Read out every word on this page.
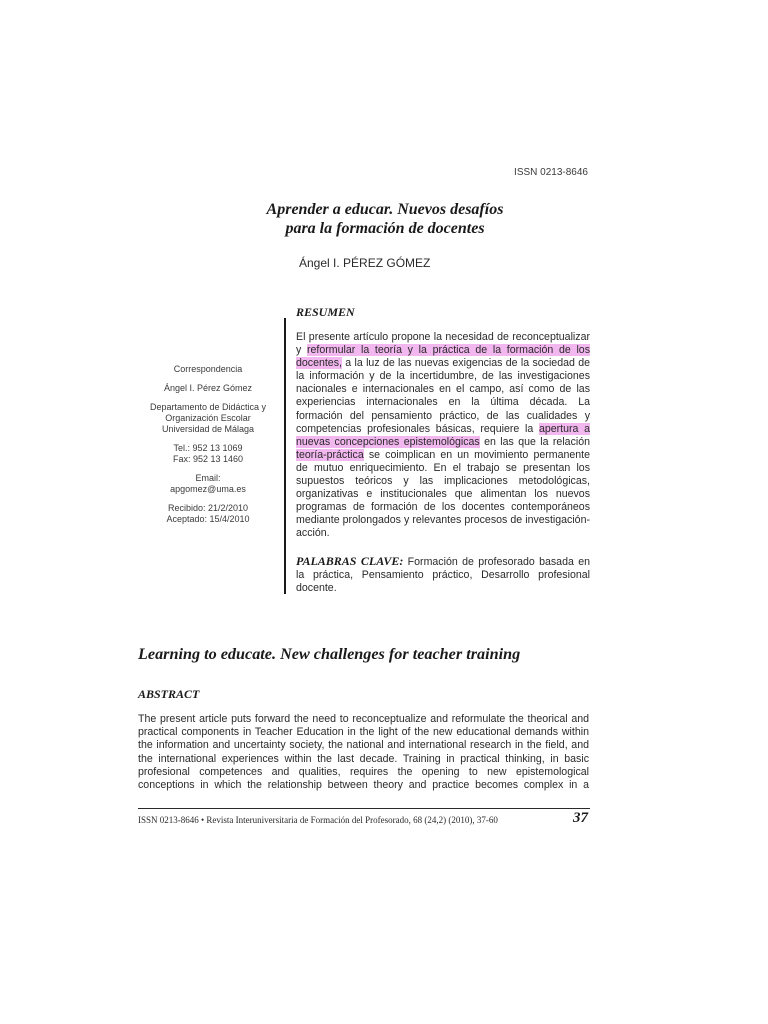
ISSN 0213-8646
Aprender a educar. Nuevos desafíos
para la formación de docentes
Ángel I. PÉREZ GÓMEZ
RESUMEN

Correspondencia

Ángel I. Pérez Gómez

Departamento de Didáctica y

Organización Escolar

Universidad de Málaga

Tel.: 952 13 1069

Fax: 952 13 1460

Email:

apgomez@uma.es

Recibido: 21/2/2010

Aceptado: 15/4/2010

El presente artículo propone la necesidad de reconceptualizar y reformular la teoría y la práctica de la formación de los docentes, a la luz de las nuevas exigencias de la sociedad de la información y de la incertidumbre, de las investigaciones nacionales e internacionales en el campo, así como de las experiencias internacionales en la última década. La formación del pensamiento práctico, de las cualidades y competencias profesionales básicas, requiere la apertura a nuevas concepciones epistemológicas en las que la relación teoría-práctica se coimplican en un movimiento permanente de mutuo enriquecimiento. En el trabajo se presentan los supuestos teóricos y las implicaciones metodológicas, organizativas e institucionales que alimentan los nuevos programas de formación de los docentes contemporáneos mediante prolongados y relevantes procesos de investigación-acción.

PALABRAS CLAVE: Formación de profesorado basada en la práctica, Pensamiento práctico, Desarrollo profesional docente.

Learning to educate. New challenges for teacher training
ABSTRACT

The present article puts forward the need to reconceptualize and reformulate the theorical and practical components in Teacher Education in the light of the new educational demands within the information and uncertainty society, the national and international research in the field, and the international experiences within the last decade. Training in practical thinking, in basic profesional competences and qualities, requires the opening to new epistemological conceptions in which the relationship between theory and practice becomes complex in a

ISSN 0213-8646 • Revista Interuniversitaria de Formación del Profesorado, 68 (24,2) (2010), 37-60	37
